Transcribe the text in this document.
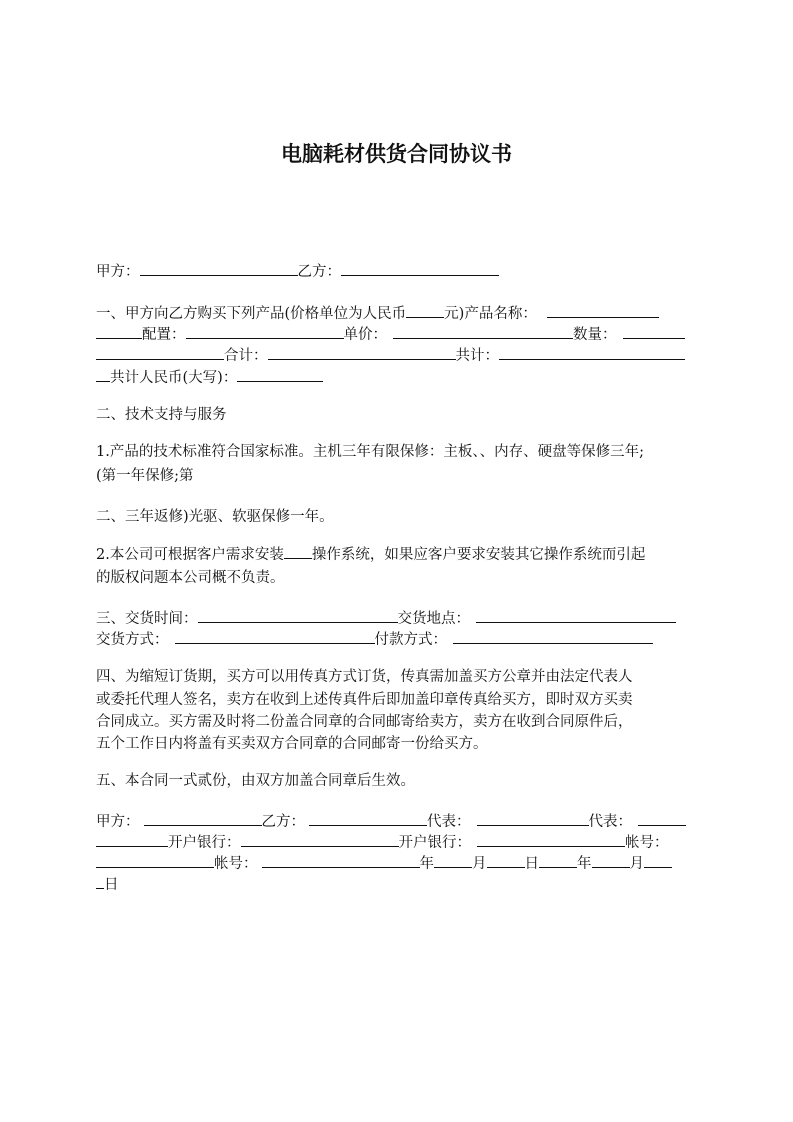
电脑耗材供货合同协议书
甲方：	乙方：
一、甲方向乙方购买下列产品(价格单位为人民币	元)产品名称：
配置：	单价：	数量：
合计：	共计：
共计人民币(大写)：
二、技术支持与服务
1.产品的技术标准符合国家标准。主机三年有限保修：主板、、内存、硬盘等保修三年;
(第一年保修;第
二、三年返修)光驱、软驱保修一年。
2.本公司可根据客户需求安装 操作系统，如果应客户要求安装其它操作系统而引起
的版权问题本公司概不负责。
三、交货时间：	交货地点：
交货方式：	付款方式：
四、为缩短订货期，买方可以用传真方式订货，传真需加盖买方公章并由法定代表人
或委托代理人签名，卖方在收到上述传真件后即加盖印章传真给买方，即时双方买卖
合同成立。买方需及时将二份盖合同章的合同邮寄给卖方，卖方在收到合同原件后，
五个工作日内将盖有买卖双方合同章的合同邮寄一份给买方。
五、本合同一式贰份，由双方加盖合同章后生效。
甲方：	乙方：	代表：	代表：
开户银行：	开户银行：	帐号：
帐号：	年	月	日	年	月
日
